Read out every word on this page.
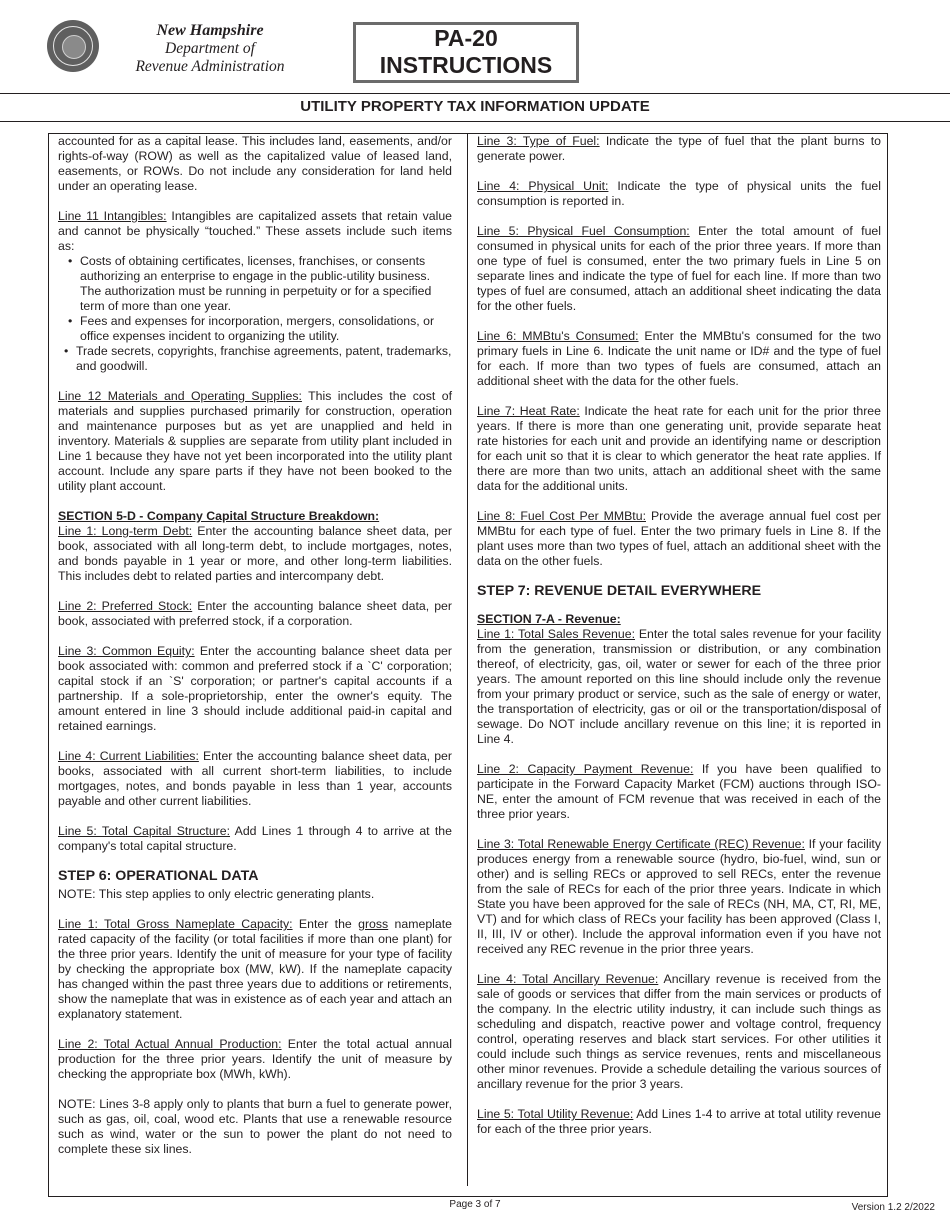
New Hampshire
Department of
Revenue Administration
PA-20
INSTRUCTIONS
UTILITY PROPERTY TAX INFORMATION UPDATE

accounted for as a capital lease. This includes land, easements, and/or rights-of-way (ROW) as well as the capitalized value of leased land, easements, or ROWs. Do not include any consideration for land held under an operating lease.

Line 11 Intangibles: Intangibles are capitalized assets that retain value and cannot be physically “touched.” These assets include such items as:

• Costs of obtaining certificates, licenses, franchises, or consents authorizing an enterprise to engage in the public-utility business. The authorization must be running in perpetuity or for a specified term of more than one year.
• Fees and expenses for incorporation, mergers, consolidations, or office expenses incident to organizing the utility.
• Trade secrets, copyrights, franchise agreements, patent, trademarks, and goodwill.

Line 12 Materials and Operating Supplies: This includes the cost of materials and supplies purchased primarily for construction, operation and maintenance purposes but as yet are unapplied and held in inventory. Materials & supplies are separate from utility plant included in Line 1 because they have not yet been incorporated into the utility plant account. Include any spare parts if they have not been booked to the utility plant account.

SECTION 5-D - Company Capital Structure Breakdown:

Line 1: Long-term Debt: Enter the accounting balance sheet data, per book, associated with all long-term debt, to include mortgages, notes, and bonds payable in 1 year or more, and other long-term liabilities. This includes debt to related parties and intercompany debt.

Line 2: Preferred Stock: Enter the accounting balance sheet data, per book, associated with preferred stock, if a corporation.

Line 3: Common Equity: Enter the accounting balance sheet data per book associated with: common and preferred stock if a `C' corporation; capital stock if an `S' corporation; or partner's capital accounts if a partnership. If a sole-proprietorship, enter the owner's equity. The amount entered in line 3 should include additional paid-in capital and retained earnings.

Line 4: Current Liabilities: Enter the accounting balance sheet data, per books, associated with all current short-term liabilities, to include mortgages, notes, and bonds payable in less than 1 year, accounts payable and other current liabilities.

Line 5: Total Capital Structure: Add Lines 1 through 4 to arrive at the company's total capital structure.

STEP 6: OPERATIONAL DATA

NOTE: This step applies to only electric generating plants.

Line 1: Total Gross Nameplate Capacity: Enter the gross nameplate rated capacity of the facility (or total facilities if more than one plant) for the three prior years. Identify the unit of measure for your type of facility by checking the appropriate box (MW, kW). If the nameplate capacity has changed within the past three years due to additions or retirements, show the nameplate that was in existence as of each year and attach an explanatory statement.

Line 2: Total Actual Annual Production: Enter the total actual annual production for the three prior years. Identify the unit of measure by checking the appropriate box (MWh, kWh).

NOTE: Lines 3-8 apply only to plants that burn a fuel to generate power, such as gas, oil, coal, wood etc. Plants that use a renewable resource such as wind, water or the sun to power the plant do not need to complete these six lines.

Line 3: Type of Fuel: Indicate the type of fuel that the plant burns to generate power.

Line 4: Physical Unit: Indicate the type of physical units the fuel consumption is reported in.

Line 5: Physical Fuel Consumption: Enter the total amount of fuel consumed in physical units for each of the prior three years. If more than one type of fuel is consumed, enter the two primary fuels in Line 5 on separate lines and indicate the type of fuel for each line. If more than two types of fuel are consumed, attach an additional sheet indicating the data for the other fuels.

Line 6: MMBtu's Consumed: Enter the MMBtu's consumed for the two primary fuels in Line 6. Indicate the unit name or ID# and the type of fuel for each. If more than two types of fuels are consumed, attach an additional sheet with the data for the other fuels.

Line 7: Heat Rate: Indicate the heat rate for each unit for the prior three years. If there is more than one generating unit, provide separate heat rate histories for each unit and provide an identifying name or description for each unit so that it is clear to which generator the heat rate applies. If there are more than two units, attach an additional sheet with the same data for the additional units.

Line 8: Fuel Cost Per MMBtu: Provide the average annual fuel cost per MMBtu for each type of fuel. Enter the two primary fuels in Line 8. If the plant uses more than two types of fuel, attach an additional sheet with the data on the other fuels.

STEP 7: REVENUE DETAIL EVERYWHERE

SECTION 7-A - Revenue:

Line 1: Total Sales Revenue: Enter the total sales revenue for your facility from the generation, transmission or distribution, or any combination thereof, of electricity, gas, oil, water or sewer for each of the three prior years. The amount reported on this line should include only the revenue from your primary product or service, such as the sale of energy or water, the transportation of electricity, gas or oil or the transportation/disposal of sewage. Do NOT include ancillary revenue on this line; it is reported in Line 4.

Line 2: Capacity Payment Revenue: If you have been qualified to participate in the Forward Capacity Market (FCM) auctions through ISO-NE, enter the amount of FCM revenue that was received in each of the three prior years.

Line 3: Total Renewable Energy Certificate (REC) Revenue: If your facility produces energy from a renewable source (hydro, bio-fuel, wind, sun or other) and is selling RECs or approved to sell RECs, enter the revenue from the sale of RECs for each of the prior three years. Indicate in which State you have been approved for the sale of RECs (NH, MA, CT, RI, ME, VT) and for which class of RECs your facility has been approved (Class I, II, III, IV or other). Include the approval information even if you have not received any REC revenue in the prior three years.

Line 4: Total Ancillary Revenue: Ancillary revenue is received from the sale of goods or services that differ from the main services or products of the company. In the electric utility industry, it can include such things as scheduling and dispatch, reactive power and voltage control, frequency control, operating reserves and black start services. For other utilities it could include such things as service revenues, rents and miscellaneous other minor revenues. Provide a schedule detailing the various sources of ancillary revenue for the prior 3 years.

Line 5: Total Utility Revenue: Add Lines 1-4 to arrive at total utility revenue for each of the three prior years.

Page 3 of 7	Version 1.2 2/2022
